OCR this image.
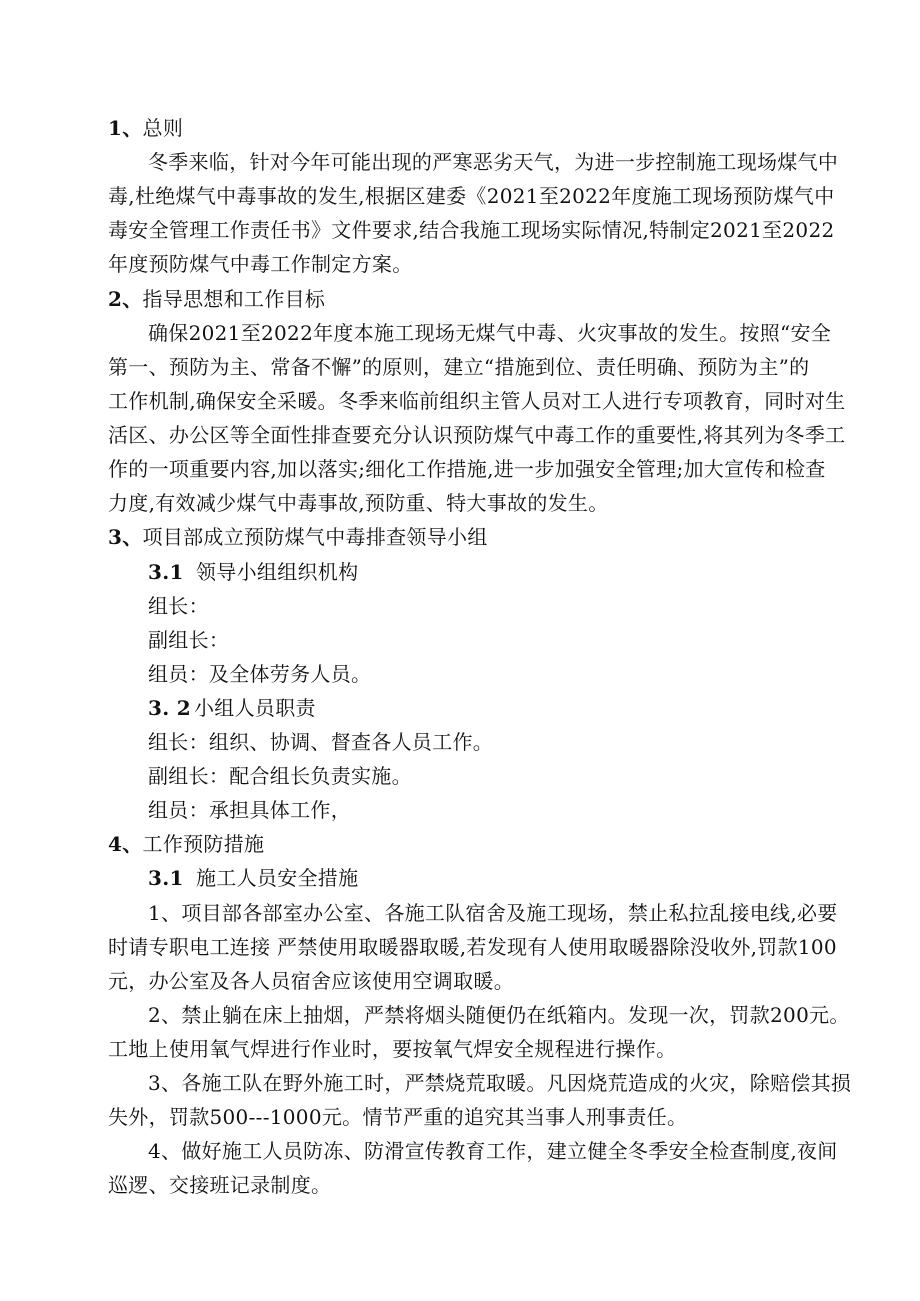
1、总则
冬季来临，针对今年可能出现的严寒恶劣天气，为进一步控制施工现场煤气中
毒,杜绝煤气中毒事故的发生,根据区建委《2021至2022年度施工现场预防煤气中
毒安全管理工作责任书》文件要求,结合我施工现场实际情况,特制定2021至2022
年度预防煤气中毒工作制定方案。
2、指导思想和工作目标
确保2021至2022年度本施工现场无煤气中毒、火灾事故的发生。按照“安全
第一、预防为主、常备不懈”的原则，建立“措施到位、责任明确、预防为主”的
工作机制,确保安全采暖。冬季来临前组织主管人员对工人进行专项教育，同时对生
活区、办公区等全面性排查要充分认识预防煤气中毒工作的重要性,将其列为冬季工
作的一项重要内容,加以落实;细化工作措施,进一步加强安全管理;加大宣传和检查
力度,有效减少煤气中毒事故,预防重、特大事故的发生。
3、项目部成立预防煤气中毒排查领导小组
3.1 领导小组组织机构
组长：
副组长：
组员：及全体劳务人员。
3. 2 小组人员职责
组长：组织、协调、督查各人员工作。
副组长：配合组长负责实施。
组员：承担具体工作，
4、工作预防措施
3.1 施工人员安全措施
1、项目部各部室办公室、各施工队宿舍及施工现场，禁止私拉乱接电线,必要
时请专职电工连接 严禁使用取暖器取暖,若发现有人使用取暖器除没收外,罚款100
元，办公室及各人员宿舍应该使用空调取暖。
2、禁止躺在床上抽烟，严禁将烟头随便仍在纸箱内。发现一次，罚款200元。
工地上使用氧气焊进行作业时，要按氧气焊安全规程进行操作。
3、各施工队在野外施工时，严禁烧荒取暖。凡因烧荒造成的火灾，除赔偿其损
失外，罚款500---1000元。情节严重的追究其当事人刑事责任。
4、做好施工人员防冻、防滑宣传教育工作，建立健全冬季安全检查制度,夜间
巡逻、交接班记录制度。
